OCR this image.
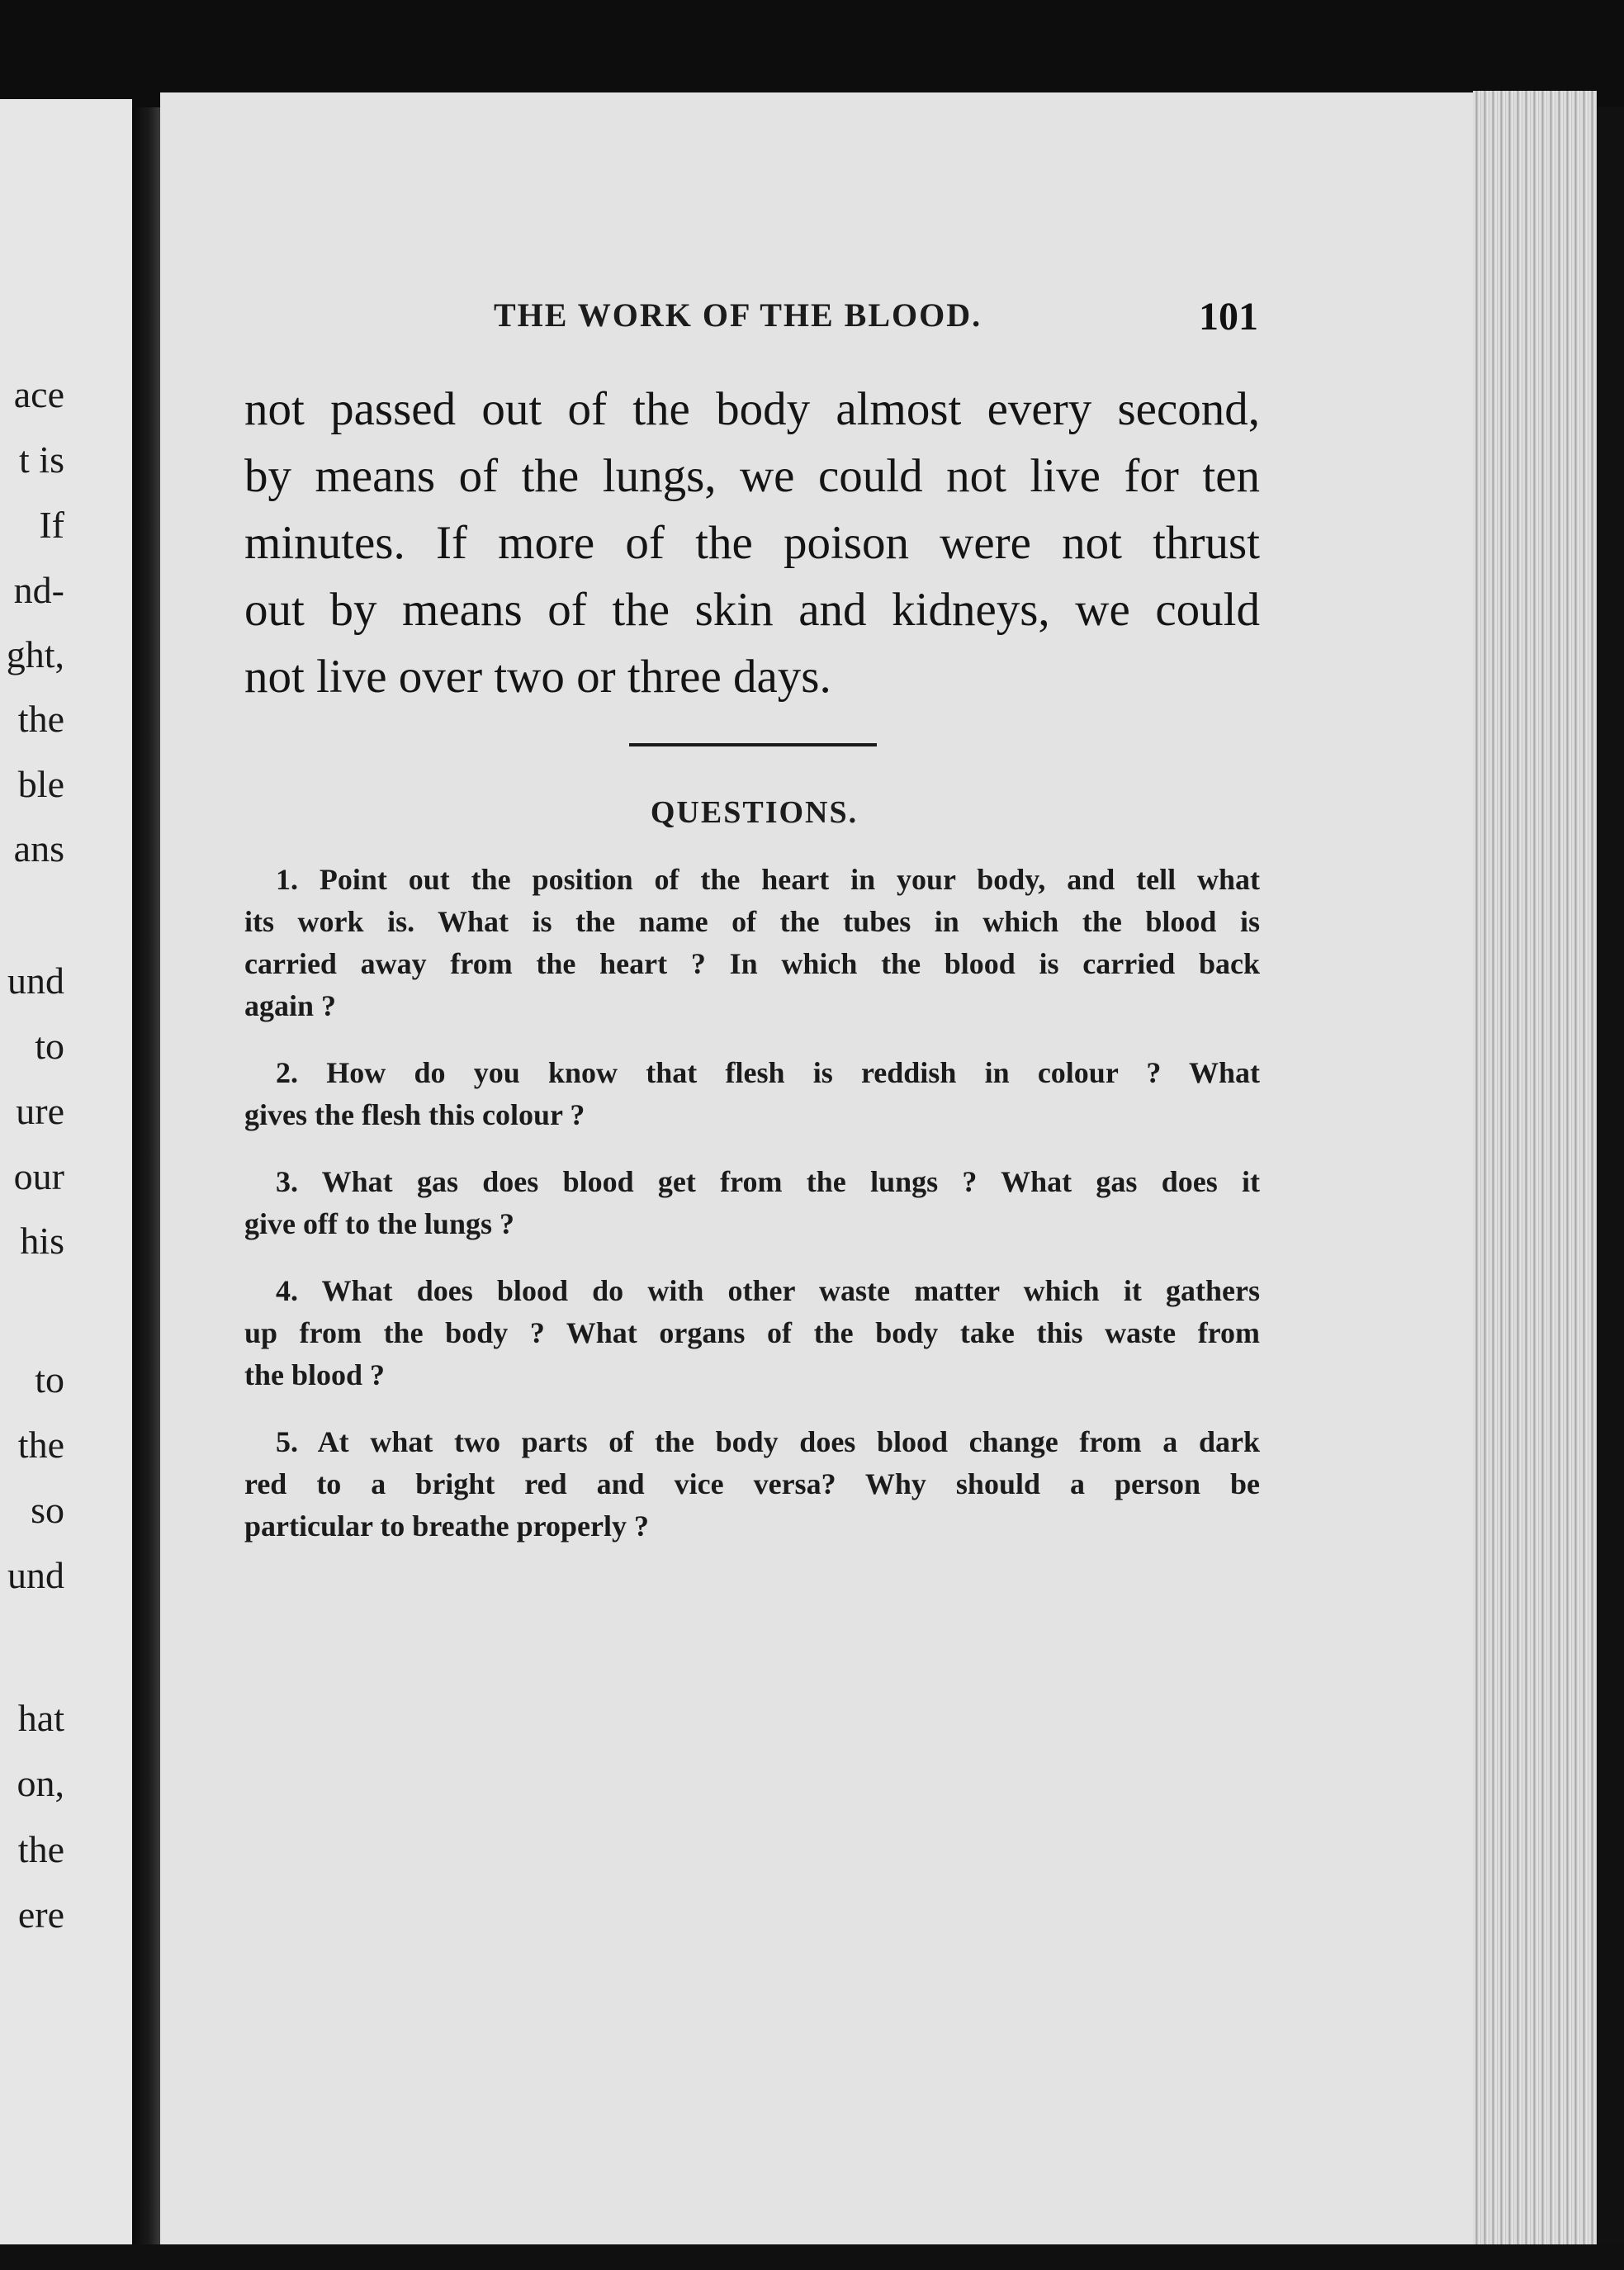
ace
t is
If
nd-
ght,
the
ble
ans
und
to
ure
our
his
to
the
so
und
hat
on,
the
ere
THE WORK OF THE BLOOD.	101
not passed out of the body almost every second,
by means of the lungs, we could not live for ten
minutes. If more of the poison were not thrust
out by means of the skin and kidneys, we could
not live over two or three days.
QUESTIONS.
1. Point out the position of the heart in your body, and tell what
its work is. What is the name of the tubes in which the blood is
carried away from the heart ? In which the blood is carried back
again ?
2. How do you know that flesh is reddish in colour ? What
gives the flesh this colour ?
3. What gas does blood get from the lungs ? What gas does it
give off to the lungs ?
4. What does blood do with other waste matter which it gathers
up from the body ? What organs of the body take this waste from
the blood ?
5. At what two parts of the body does blood change from a dark
red to a bright red and vice versa? Why should a person be
particular to breathe properly ?
